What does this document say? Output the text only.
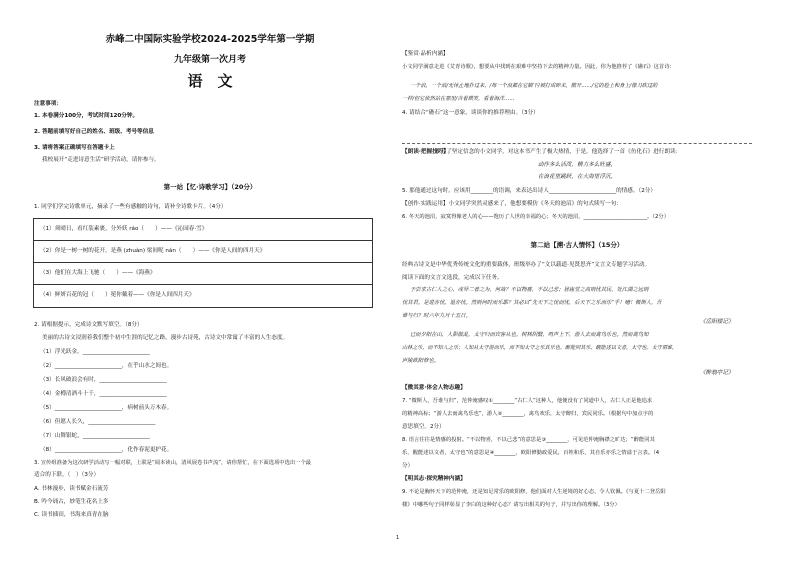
赤峰二中国际实验学校2024-2025学年第一学期
九年级第一次月考
语　文
注意事项：
1. 本卷满分100分，考试时间120分钟。
2. 答题前填写好自己的姓名、班级、考号等信息
3. 请将答案正确填写在答题卡上
我校展开“走进诗意生活”研学活动，请你参与。
第一站【忆·诗歌学习】（20分）
1. 同学们学完诗歌单元，摘录了一些有感触的诗句，请补全诗歌卡片。（4分）
（1）须晴日，看红装素裹，分外妖 ráo（　　）——《沁园春·雪》
（2）你是一树一树的花开，是燕 (zhuàn) 梁间呢 nán（　　）——《你是人间的四月天》
（3）他们在大海上飞驰（　　）——《海燕》
（4）鲜妍百花的冠（　　）冕你戴着——《你是人间四月天》
2. 请根据提示，完成诗文默写填空。（8分）
美丽的古诗文浸润着我们整个初中生涯的记忆之路，漫步古诗苑，古诗文中常寓了丰富的人生态度。
（1）浮光跃金，________________________
（2）________________________，在乎山水之间也。
（3）长风破浪会有时，________________________
（4）金樽清酒斗十千，________________________
（5）________________________，病树前头万木春。
（6）但愿人长久，________________________
（7）山舞银蛇，________________________
（8）________________________，化作春泥更护花。
3. 宣传组准备为这次研学活动写一幅对联，上联是“阅本读山，清风展卷书声流”，请你帮忙，在下面选项中选出一个最
适合的下联。（　）（3分）
A. 书林漫步，读书赋金石流芳
B. 吟今诵古，妙笔生花名上多
C. 读书插田，书海来真青在脑
1
【鉴赏·品析内涵】
小文同学满意走进《艾青诗歌》，想要从中找到在艰难中坚持下去的精神力量。因此，你为他推荐了《礁石》这首诗：
一个浪，一个浪/无休止地扑过来，/每一个浪都在它脚下/被打成碎末，散开……/它的脸上和身上/像刀砍过的
一样/但它依然站在那里/含着微笑，看着海洋……
4. 请结合“礁石”这一意象，谈谈你的推荐理由。（3分）
推荐了坚定信念的小文同学，对这本书产生了极大热情，于是，他选择了一首《鱼化石》进行朗读：
【朗读·把握技巧】
动作多么活泼，精力多么旺盛，
在浪花里跳跃，在大海里浮沉，
5. 那他通过这句时，应该用________的语调，来表达出诗人________________________的情感。（2分）
【创作·实践运用】小文同学突然灵感来了，他想要模仿《冬天的池沼》的句式续写一句：
6. 冬天的池沼，寂寞得像老人的心——饱历了人世的幸福的心；冬天的池沼，________________________。（2分）
第二站【溯·古人情怀】（15分）
经典古诗文是中华优秀传统文化的重要载体，班级举办了“文以载道·见贤思齐”文言文专题学习活动。
阅读下面的文言文选段，完成以下任务。
予尝求古仁人之心，或异二者之为，何哉？不以物喜，不以己悲；居庙堂之高则忧其民，处江湖之远则
忧其君。是进亦忧，退亦忧。然则何时而乐耶？其必曰“先天下之忧而忧，后天下之乐而乐”乎！噫！微斯人，吾
谁与归？时六年九月十五日。
《岳阳楼记》
已而夕阳在山，人影散乱，太守归而宾客从也。树林阴翳，鸣声上下，游人去而禽鸟乐也。然而禽鸟知
山林之乐，而不知人之乐；人知从太守游而乐，而不知太守之乐其乐也。醉能同其乐，醒能述以文者，太守也。太守谓谁，
庐陵欧阳修也。
《醉翁亭记》
【微其意·体会人物志趣】
7. “微斯人，吾谁与归”，范仲淹感叹①________“古仁人”这种人，他便没有了同道中人，古仁人正是他追求
的精神高标；“游人去而禽鸟乐也”，游人②________，禽鸟欢乐，太守醉归，宾民同乐。（根据句中加点字的
意思填空。2分）
8. 语言往往是情感的投射。“不以物喜，不以己悲”的意思是③________，可见范仲淹胸襟之旷达；“醉能同其
乐，醒能述以文者，太守也”的意思是④________，欧阳修勤政爱民，百姓和乐，其自乐亦乐之情溢于言表。（4
分）
【明其志·探究精神内涵】
9. 不论是胸怀天下的范仲淹，还是知足常乐的欧阳修，他们面对人生逆境的好心态，令人钦佩。《与夏十二登岳阳
楼》中哪些句子同样彰显了李白的这种好心态？请写出相关的句子，并写出你的理解。（3分）
